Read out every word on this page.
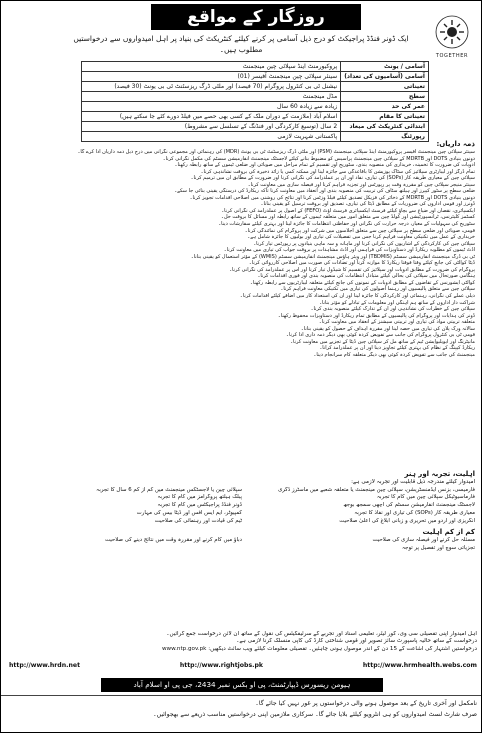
روزگار کے مواقع
TOGETHER
ایک ڈونر فنڈڈ پراجیکٹ کو درج ذیل آسامی پر کرنے کیلئے کنٹریکٹ کی بنیاد پر اہل امیدواروں سے درخواستیں مطلوب ہیں۔
آسامی / یونٹ	پروکیورمنٹ اینڈ سپلائی چین مینجمنٹ
آسامی (آسامیوں کی تعداد)	سینئر سپلائی چین مینجمنٹ آفیسر (01)
تعیناتی	نیشنل ٹی بی کنٹرول پروگرام (70 فیصد) اور ملٹی ڈرگ ریزسٹنٹ ٹی بی یونٹ (30 فیصد)
سطح	مڈل مینجمنٹ
عمر کی حد	زیادہ سے زیادہ 60 سال
تعیناتی کا مقام	اسلام آباد (ملازمت کے دوران ملک کے کسی بھی حصے میں فیلڈ دورے کئے جا سکتے ہیں)
ابتدائی کنٹریکٹ کی میعاد	2 سال (توسیع کارکردگی اور فنڈنگ کے تسلسل سے مشروط)
رپورٹنگ	پاکستانی شہریت لازمی
ذمہ داریاں:

سینئر سپلائی چین مینجمنٹ آفیسر پروکیورمنٹ اینڈ سپلائی مینجمنٹ (PSM) اور ملٹی ڈرگ ریزسٹنٹ ٹی بی یونٹ (MDR) کی رہنمائی اور مجموعی نگرانی میں درج ذیل ذمہ داریاں ادا کرے گا۔

دونوں بنیادی DOTS اور MDRTB کے سپلائی چین مینجمنٹ پراسیس کو مضبوط بنانے کیلئے لاجسٹک مینجمنٹ انفارمیشن سسٹم کی مکمل نگرانی کرنا۔

ادویات کی ضرورت کا تخمینہ، خریداری کی منصوبہ بندی، سٹوریج اور تقسیم کے تمام مراحل میں صوبائی اور ضلعی ٹیموں کے ساتھ رابطہ رکھنا۔

تمام ڈرگز اور لیبارٹری سپلائیز کی سٹاک پوزیشن کا باقاعدگی سے جائزہ لینا اور ممکنہ کمی یا زائد ذخیرہ کی بروقت نشاندہی کرنا۔

سپلائی چین کے معیاری طریقہ کار (SOPs) کی تیاری، نفاذ اور ان پر عملدرآمد کی نگرانی کرنا اور ضرورت کے مطابق ان میں ترمیم کرنا۔

سینئر منیجر سپلائی چین کو مقررہ وقت پر رپورٹس اور تجزیہ فراہم کرنا اور فیصلہ سازی میں معاونت کرنا۔

ضلعی سطح پر سٹور کیپرز اور ہیلتھ سٹاف کی تربیت کی منصوبہ بندی اور انعقاد میں معاونت کرنا تاکہ ریکارڈ کی درستگی یقینی بنائی جا سکے۔

دونوں بنیادی DOTS اور MDRTB کے ذخائر کی فزیکل تصدیق کیلئے فیلڈ وزٹس کرنا اور نتائج کی روشنی میں اصلاحی اقدامات تجویز کرنا۔

ڈونرز اور قومی اداروں کی ضروریات کے مطابق ڈیٹا کی تیاری، تصدیق اور بروقت ترسیل کو یقینی بنانا۔

ایکسپائری، نقصان اور ضیاع سے بچاؤ کیلئے فرسٹ ایکسپائری فرسٹ آؤٹ (FEFO) کے اصول پر عملدرآمد کی نگرانی کرنا۔

کسٹمز کلیئرنس، ٹرانسپورٹیشن اور کولڈ چین سے متعلق امور میں متعلقہ ٹیموں کے ساتھ رابطہ اور مسائل کا بروقت حل۔

سٹوریج کی سہولیات کے معیار، درجہ حرارت کی نگرانی اور حفاظتی انتظامات کا جائزہ لینا اور بہتری کیلئے سفارشات دینا۔

قومی، صوبائی اور ضلعی سطح پر سپلائی چین سے متعلق اجلاسوں میں شرکت اور پروگرام کی نمائندگی کرنا۔

خریداری کے عمل میں تکنیکی معاونت فراہم کرنا جس میں تفصیلات کی تیاری اور بولیوں کا جائزہ شامل ہے۔

سپلائی چین کی کارکردگی کے اشاریوں کی نگرانی کرنا اور ماہانہ و سہ ماہی بنیادوں پر رپورٹس تیار کرنا۔

آڈٹ ٹیموں کو مطلوبہ ریکارڈ اور دستاویزات کی فراہمی اور آڈٹ مشاہدات پر بروقت جواب کی تیاری میں معاونت کرنا۔

ٹی بی ڈرگ مینجمنٹ انفارمیشن سسٹم (TBDMIS) اور ویئر ہاؤس مینجمنٹ انفارمیشن سسٹم (WMIS) کے مؤثر استعمال کو یقینی بنانا۔

ڈیٹا کوالٹی کی جانچ کیلئے وقتاً فوقتاً ریکارڈ کا موازنہ کرنا اور تضادات کی صورت میں اصلاحی کارروائی کرنا۔

پروگرام کی ضرورت کے مطابق ادویات اور سپلائیز کی تقسیم کا شیڈول تیار کرنا اور اس پر عملدرآمد کی نگرانی کرنا۔

ہنگامی صورتحال میں سپلائی کی بحالی کیلئے متبادل انتظامات کی منصوبہ بندی اور فوری اقدامات کرنا۔

کوالٹی ایشورنس کے تقاضوں کے مطابق ادویات کے نمونوں کی جانچ کیلئے متعلقہ لیبارٹریوں سے رابطہ رکھنا۔

سپلائی چین سے متعلق پالیسیوں اور رہنما اصولوں کی تیاری میں تکنیکی معاونت فراہم کرنا۔

ذیلی عملے کی نگرانی، رہنمائی اور کارکردگی کا جائزہ لینا اور ان کی استعداد کار میں اضافے کیلئے اقدامات کرنا۔

شراکت دار اداروں کے ساتھ ہم آہنگی اور معلومات کے تبادلے کو مؤثر بنانا۔

سپلائی چین کے خطرات کی نشاندہی اور ان کے تدارک کیلئے منصوبہ بندی کرنا۔

ڈونر کی ہدایات اور پروگرام کی پالیسیوں کے مطابق تمام ریکارڈ اور دستاویزات محفوظ رکھنا۔

متعلقہ تربیتی مواد کی تیاری اور تربیتی سیشنز کے انعقاد میں معاونت کرنا۔

سالانہ ورک پلان کی تیاری میں حصہ لینا اور مقررہ اہداف کے حصول کو یقینی بنانا۔

قومی ٹی بی کنٹرول پروگرام کی جانب سے تفویض کردہ کوئی بھی دیگر ذمہ داری ادا کرنا۔

مانیٹرنگ اور ایویلیوایشن ٹیم کے ساتھ مل کر سپلائی چین ڈیٹا کے تجزیے میں معاونت کرنا۔

ریکارڈ کیپنگ کے نظام کی بہتری کیلئے تجاویز دینا اور ان پر عملدرآمد کرانا۔

مینجمنٹ کی جانب سے تفویض کردہ کوئی بھی دیگر متعلقہ کام سرانجام دینا۔

اہلیت، تجربہ اور ہنر

امیدوار کیلئے مندرجہ ذیل قابلیت اور تجربہ لازمی ہے:

فارمیسی، بزنس ایڈمنسٹریشن، سپلائی چین مینجمنٹ یا متعلقہ شعبے میں ماسٹرز ڈگری

سپلائی چین یا لاجسٹکس مینجمنٹ میں کم از کم 6 سال کا تجربہ

فارماسیوٹیکل سپلائی چین میں کام کا تجربہ

پبلک ہیلتھ پروگرامز میں کام کا تجربہ

لاجسٹک مینجمنٹ انفارمیشن سسٹم کی اچھی سمجھ بوجھ

ڈونر فنڈڈ پراجیکٹس میں کام کا تجربہ

معیاری طریقہ کار (SOPs) کی تیاری اور نفاذ کا تجربہ

کمپیوٹر، ایم ایس آفس اور ڈیٹا بیس کی مہارت

انگریزی اور اردو میں تحریری و زبانی ابلاغ کی اعلیٰ صلاحیت

ٹیم کی قیادت اور رہنمائی کی صلاحیت

کم از کم اہلیت

مسئلہ حل کرنے اور فیصلہ سازی کی صلاحیت

دباؤ میں کام کرنے اور مقررہ وقت میں نتائج دینے کی صلاحیت

تجزیاتی سوچ اور تفصیل پر توجہ

اہل امیدوار اپنی تفصیلی سی وی، کور لیٹر، تعلیمی اسناد اور تجربے کے سرٹیفکیٹس کی نقول کے ساتھ آن لائن درخواست جمع کرائیں۔

درخواست کے ساتھ حالیہ پاسپورٹ سائز تصویر اور قومی شناختی کارڈ کی کاپی منسلک کرنا لازمی ہے۔

درخواستیں اشتہار کی اشاعت کے 15 دن کے اندر موصول ہونی چاہئیں۔ تفصیلی معلومات کیلئے ویب سائٹ دیکھیں: www.ntp.gov.pk

http://www.hrdn.net	http://www.rightjobs.pk	http://www.hrmhealth.webs.com
ہیومن ریسورس ڈیپارٹمنٹ، پی او بکس نمبر 2434، جی پی او اسلام آباد

نامکمل اور آخری تاریخ کے بعد موصول ہونے والی درخواستوں پر غور نہیں کیا جائے گا۔

صرف شارٹ لسٹ امیدواروں کو ہی انٹرویو کیلئے بلایا جائے گا۔ سرکاری ملازمین اپنی درخواستیں مناسب ذریعے سے بھجوائیں۔
